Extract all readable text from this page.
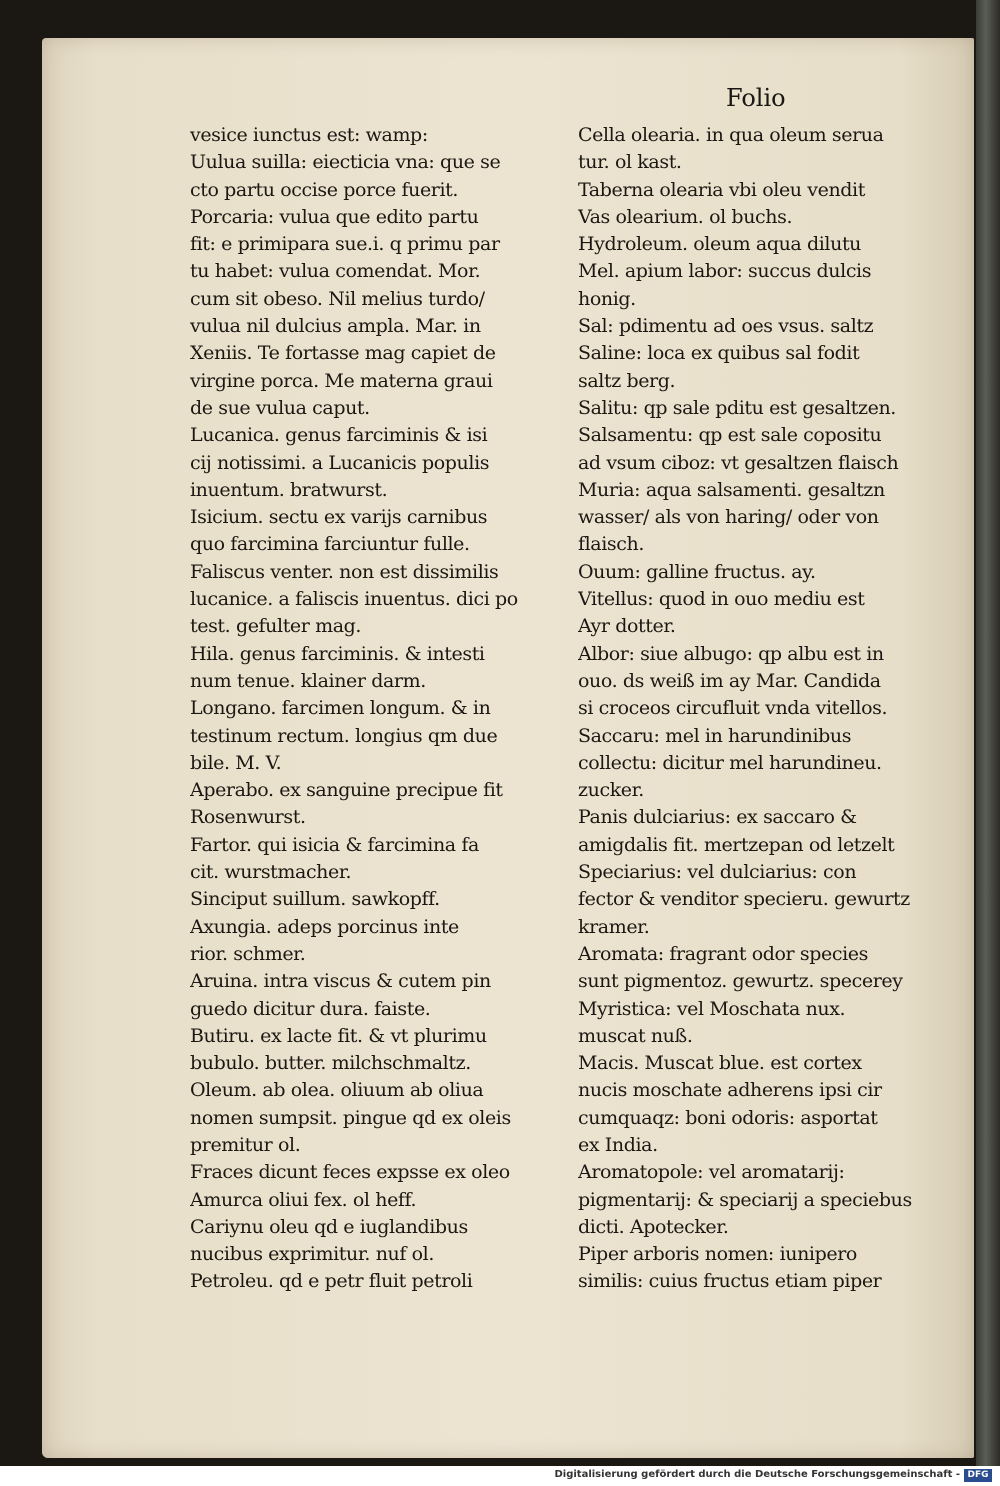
Folio
vesice iunctus est: wamp:
Uulua suilla: eiecticia vna: que se
cto partu occise porce fuerit.
Porcaria: vulua que edito partu
fit: e primipara sue.i. q primu par
tu habet: vulua comendat. Mor.
cum sit obeso. Nil melius turdo/
vulua nil dulcius ampla. Mar. in
Xeniis. Te fortasse mag capiet de
virgine porca. Me materna graui
de sue vulua caput.
Lucanica. genus farciminis & isi
cij notissimi. a Lucanicis populis
inuentum. bratwurst.
Isicium. sectu ex varijs carnibus
quo farcimina farciuntur fulle.
Faliscus venter. non est dissimilis
lucanice. a faliscis inuentus. dici po
test. gefulter mag.
Hila. genus farciminis. & intesti
num tenue. klainer darm.
Longano. farcimen longum. & in
testinum rectum. longius qm due
bile. M. V.
Aperabo. ex sanguine precipue fit
Rosenwurst.
Fartor. qui isicia & farcimina fa
cit. wurstmacher.
Sinciput suillum. sawkopff.
Axungia. adeps porcinus inte
rior. schmer.
Aruina. intra viscus & cutem pin
guedo dicitur dura. faiste.
Butiru. ex lacte fit. & vt plurimu
bubulo. butter. milchschmaltz.
Oleum. ab olea. oliuum ab oliua
nomen sumpsit. pingue qd ex oleis
premitur ol.
Fraces dicunt feces expsse ex oleo
Amurca oliui fex. ol heff.
Cariynu oleu qd e iuglandibus
nucibus exprimitur. nuf ol.
Petroleu. qd e petr fluit petroli
Cella olearia. in qua oleum serua
tur. ol kast.
Taberna olearia vbi oleu vendit
Vas olearium. ol buchs.
Hydroleum. oleum aqua dilutu
Mel. apium labor: succus dulcis
honig.
Sal: pdimentu ad oes vsus. saltz
Saline: loca ex quibus sal fodit
saltz berg.
Salitu: qp sale pditu est gesaltzen.
Salsamentu: qp est sale copositu
ad vsum ciboz: vt gesaltzen flaisch
Muria: aqua salsamenti. gesaltzn
wasser/ als von haring/ oder von
flaisch.
Ouum: galline fructus. ay.
Vitellus: quod in ouo mediu est
Ayr dotter.
Albor: siue albugo: qp albu est in
ouo. ds weiß im ay Mar. Candida
si croceos circufluit vnda vitellos.
Saccaru: mel in harundinibus
collectu: dicitur mel harundineu.
zucker.
Panis dulciarius: ex saccaro &
amigdalis fit. mertzepan od letzelt
Speciarius: vel dulciarius: con
fector & venditor specieru. gewurtz
kramer.
Aromata: fragrant odor species
sunt pigmentoz. gewurtz. specerey
Myristica: vel Moschata nux.
muscat nuß.
Macis. Muscat blue. est cortex
nucis moschate adherens ipsi cir
cumquaqz: boni odoris: asportat
ex India.
Aromatopole: vel aromatarij:
pigmentarij: & speciarij a speciebus
dicti. Apotecker.
Piper arboris nomen: iunipero
similis: cuius fructus etiam piper
Digitalisierung gefördert durch die Deutsche Forschungsgemeinschaft - DFG
